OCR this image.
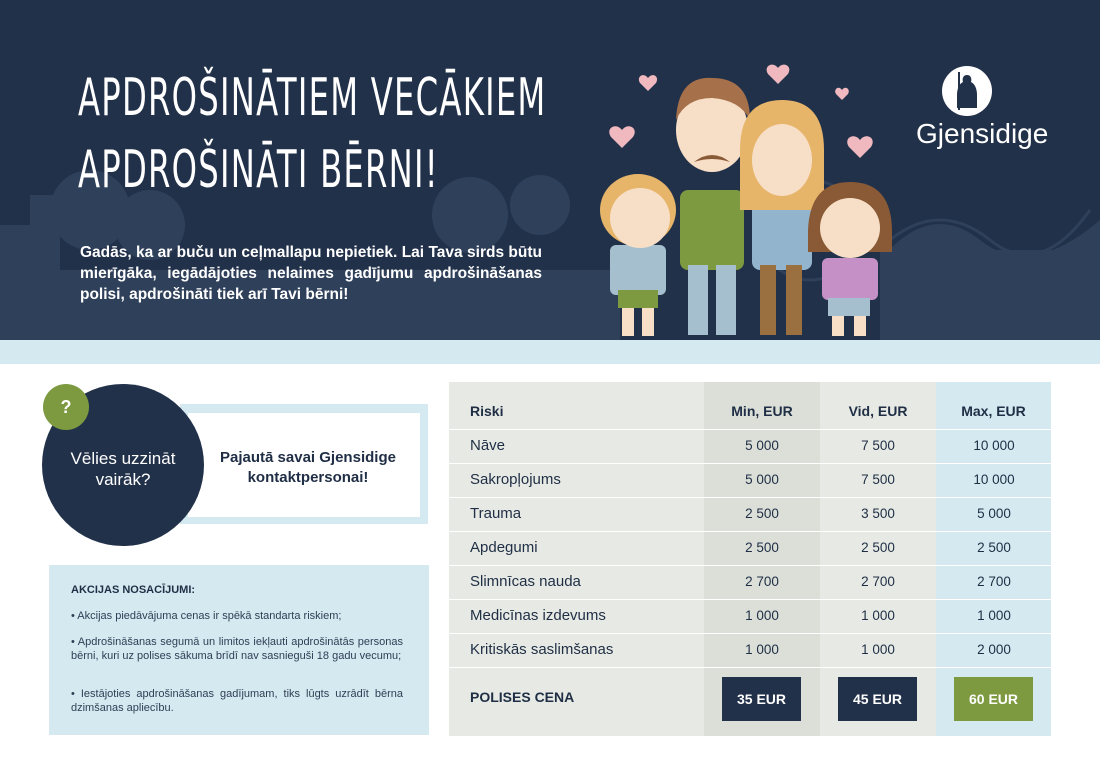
APDROŠINĀTIEM VECĀKIEM
APDROŠINĀTI BĒRNI!

Gadās, ka ar buču un ceļmallapu nepietiek. Lai Tava sirds būtu mierīgāka, iegādājoties nelaimes gadījumu apdrošināšanas polisi, apdrošināti tiek arī Tavi bērni!

Gjensidige

Pajautā savai Gjensidige kontaktpersonai!

Vēlies uzzināt vairāk?

?

AKCIJAS NOSACĪJUMI:

• Akcijas piedāvājuma cenas ir spēkā standarta riskiem;

• Apdrošināšanas segumā un limitos iekļauti apdrošinātās personas bērni, kuri uz polises sākuma brīdī nav sasnieguši 18 gadu vecumu;

• Iestājoties apdrošināšanas gadījumam, tiks lūgts uzrādīt bērna dzimšanas apliecību.

Riski	Min, EUR	Vid, EUR	Max, EUR
Nāve	5 000	7 500	10 000
Sakropļojums	5 000	7 500	10 000
Trauma	2 500	3 500	5 000
Apdegumi	2 500	2 500	2 500
Slimnīcas nauda	2 700	2 700	2 700
Medicīnas izdevums	1 000	1 000	1 000
Kritiskās saslimšanas	1 000	1 000	2 000
POLISES CENA	35 EUR	45 EUR	60 EUR
